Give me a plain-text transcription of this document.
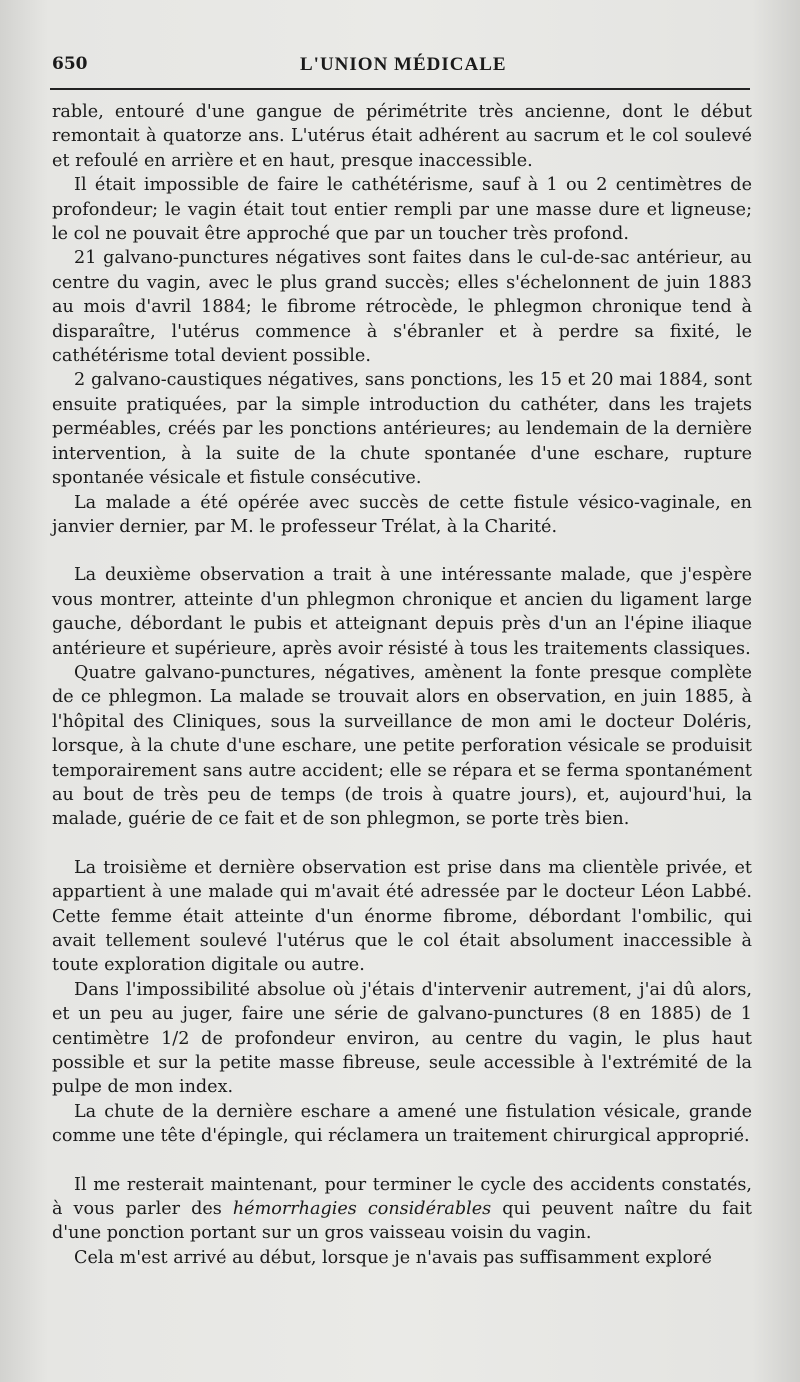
650	L'UNION MÉDICALE

rable, entouré d'une gangue de périmétrite très ancienne, dont le début remontait à quatorze ans. L'utérus était adhérent au sacrum et le col soulevé et refoulé en arrière et en haut, presque inaccessible.

Il était impossible de faire le cathétérisme, sauf à 1 ou 2 centimètres de profondeur; le vagin était tout entier rempli par une masse dure et ligneuse; le col ne pouvait être approché que par un toucher très profond.

21 galvano-punctures négatives sont faites dans le cul-de-sac antérieur, au centre du vagin, avec le plus grand succès; elles s'échelonnent de juin 1883 au mois d'avril 1884; le fibrome rétrocède, le phlegmon chronique tend à disparaître, l'utérus commence à s'ébranler et à perdre sa fixité, le cathétérisme total devient possible.

2 galvano-caustiques négatives, sans ponctions, les 15 et 20 mai 1884, sont ensuite pratiquées, par la simple introduction du cathéter, dans les trajets perméables, créés par les ponctions antérieures; au lendemain de la dernière intervention, à la suite de la chute spontanée d'une eschare, rupture spontanée vésicale et fistule consécutive.

La malade a été opérée avec succès de cette fistule vésico-vaginale, en janvier dernier, par M. le professeur Trélat, à la Charité.

La deuxième observation a trait à une intéressante malade, que j'espère vous montrer, atteinte d'un phlegmon chronique et ancien du ligament large gauche, débordant le pubis et atteignant depuis près d'un an l'épine iliaque antérieure et supérieure, après avoir résisté à tous les traitements classiques.

Quatre galvano-punctures, négatives, amènent la fonte presque complète de ce phlegmon. La malade se trouvait alors en observation, en juin 1885, à l'hôpital des Cliniques, sous la surveillance de mon ami le docteur Doléris, lorsque, à la chute d'une eschare, une petite perforation vésicale se produisit temporairement sans autre accident; elle se répara et se ferma spontanément au bout de très peu de temps (de trois à quatre jours), et, aujourd'hui, la malade, guérie de ce fait et de son phlegmon, se porte très bien.

La troisième et dernière observation est prise dans ma clientèle privée, et appartient à une malade qui m'avait été adressée par le docteur Léon Labbé. Cette femme était atteinte d'un énorme fibrome, débordant l'ombilic, qui avait tellement soulevé l'utérus que le col était absolument inaccessible à toute exploration digitale ou autre.

Dans l'impossibilité absolue où j'étais d'intervenir autrement, j'ai dû alors, et un peu au juger, faire une série de galvano-punctures (8 en 1885) de 1 centimètre 1/2 de profondeur environ, au centre du vagin, le plus haut possible et sur la petite masse fibreuse, seule accessible à l'extrémité de la pulpe de mon index.

La chute de la dernière eschare a amené une fistulation vésicale, grande comme une tête d'épingle, qui réclamera un traitement chirurgical approprié.

Il me resterait maintenant, pour terminer le cycle des accidents constatés, à vous parler des hémorrhagies considérables qui peuvent naître du fait d'une ponction portant sur un gros vaisseau voisin du vagin.

Cela m'est arrivé au début, lorsque je n'avais pas suffisamment exploré
